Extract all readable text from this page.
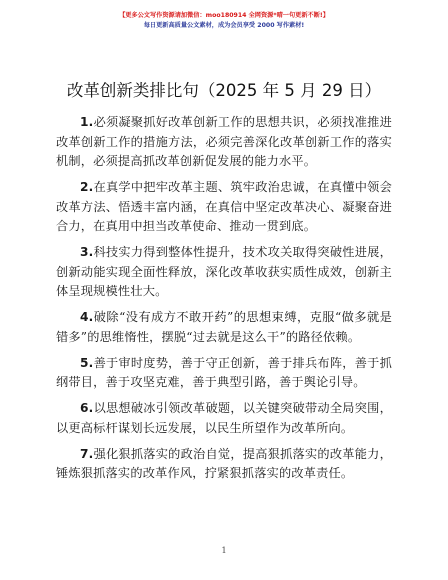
【更多公文写作资源请加微信：moo180914 全网资源*晴一句更新不断!】
每日更新高质量公文素材，成为会员享受 2000 写作素材!
改革创新类排比句（2025 年 5 月 29 日）

1.必须凝聚抓好改革创新工作的思想共识，必须找准推进改革创新工作的措施方法，必须完善深化改革创新工作的落实机制，必须提高抓改革创新促发展的能力水平。

2.在真学中把牢改革主题、筑牢政治忠诚，在真懂中领会改革方法、悟透丰富内涵，在真信中坚定改革决心、凝聚奋进合力，在真用中担当改革使命、推动一贯到底。

3.科技实力得到整体性提升，技术攻关取得突破性进展，创新动能实现全面性释放，深化改革收获实质性成效，创新主体呈现规模性壮大。

4.破除“没有成方不敢开药”的思想束缚，克服“做多就是错多”的思维惰性，摆脱“过去就是这么干”的路径依赖。

5.善于审时度势，善于守正创新，善于排兵布阵，善于抓纲带目，善于攻坚克难，善于典型引路，善于舆论引导。

6.以思想破冰引领改革破题，以关键突破带动全局突围，以更高标杆谋划长远发展，以民生所望作为改革所向。

7.强化狠抓落实的政治自觉，提高狠抓落实的改革能力，锤炼狠抓落实的改革作风，拧紧狠抓落实的改革责任。

1
